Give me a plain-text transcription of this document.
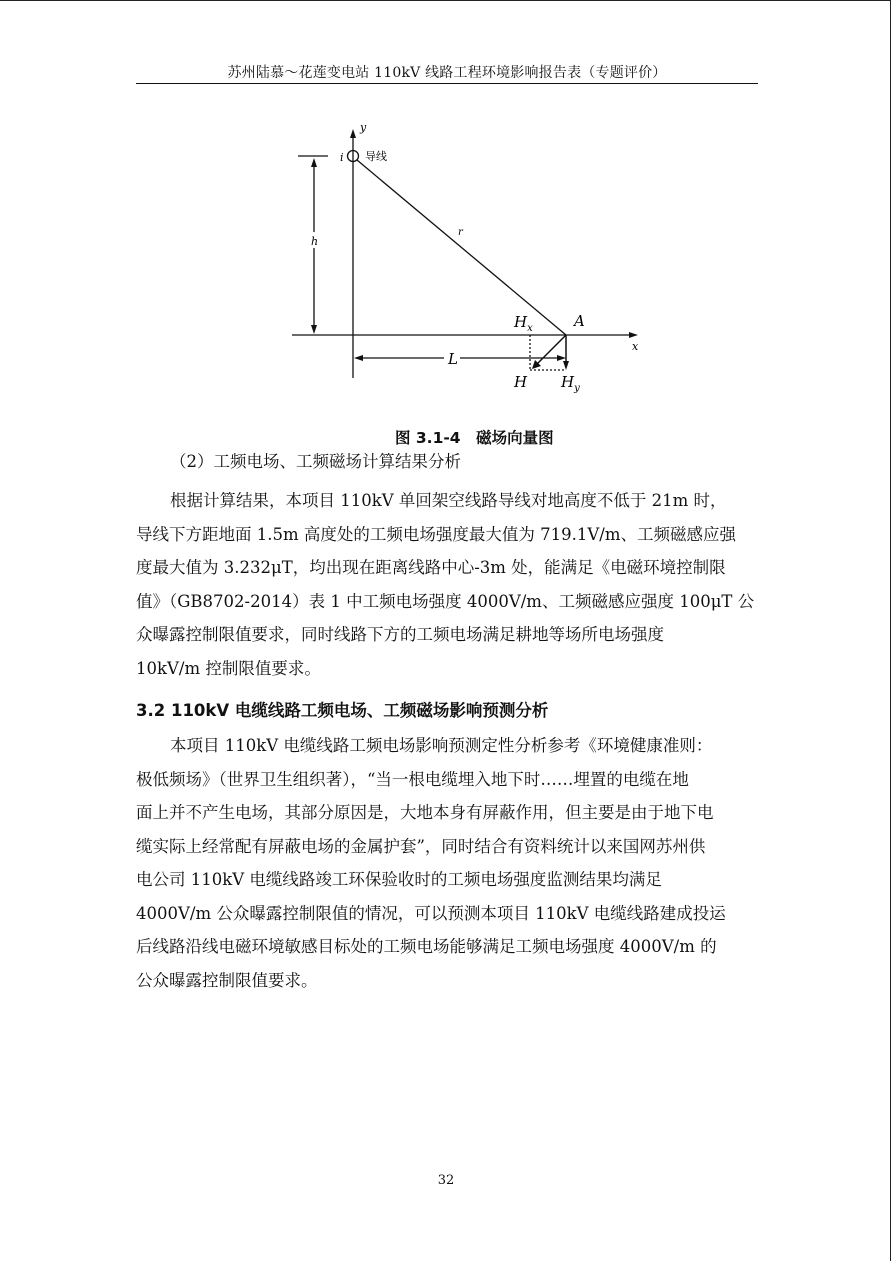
苏州陆慕～花莲变电站 110kV 线路工程环境影响报告表（专题评价）
y
x
i 导线
h
r
L
A
$H_x$
H $H_y$
图 3.1-4　磁场向量图
（2）工频电场、工频磁场计算结果分析
根据计算结果，本项目 110kV 单回架空线路导线对地高度不低于 21m 时，
导线下方距地面 1.5m 高度处的工频电场强度最大值为 719.1V/m、工频磁感应强
度最大值为 3.232μT，均出现在距离线路中心-3m 处，能满足《电磁环境控制限
值》（GB8702-2014）表 1 中工频电场强度 4000V/m、工频磁感应强度 100μT 公
众曝露控制限值要求，同时线路下方的工频电场满足耕地等场所电场强度
10kV/m 控制限值要求。
3.2 110kV 电缆线路工频电场、工频磁场影响预测分析
本项目 110kV 电缆线路工频电场影响预测定性分析参考《环境健康准则：
极低频场》（世界卫生组织著），“当一根电缆埋入地下时……埋置的电缆在地
面上并不产生电场，其部分原因是，大地本身有屏蔽作用，但主要是由于地下电
缆实际上经常配有屏蔽电场的金属护套”，同时结合有资料统计以来国网苏州供
电公司 110kV 电缆线路竣工环保验收时的工频电场强度监测结果均满足
4000V/m 公众曝露控制限值的情况，可以预测本项目 110kV 电缆线路建成投运
后线路沿线电磁环境敏感目标处的工频电场能够满足工频电场强度 4000V/m 的
公众曝露控制限值要求。
32
